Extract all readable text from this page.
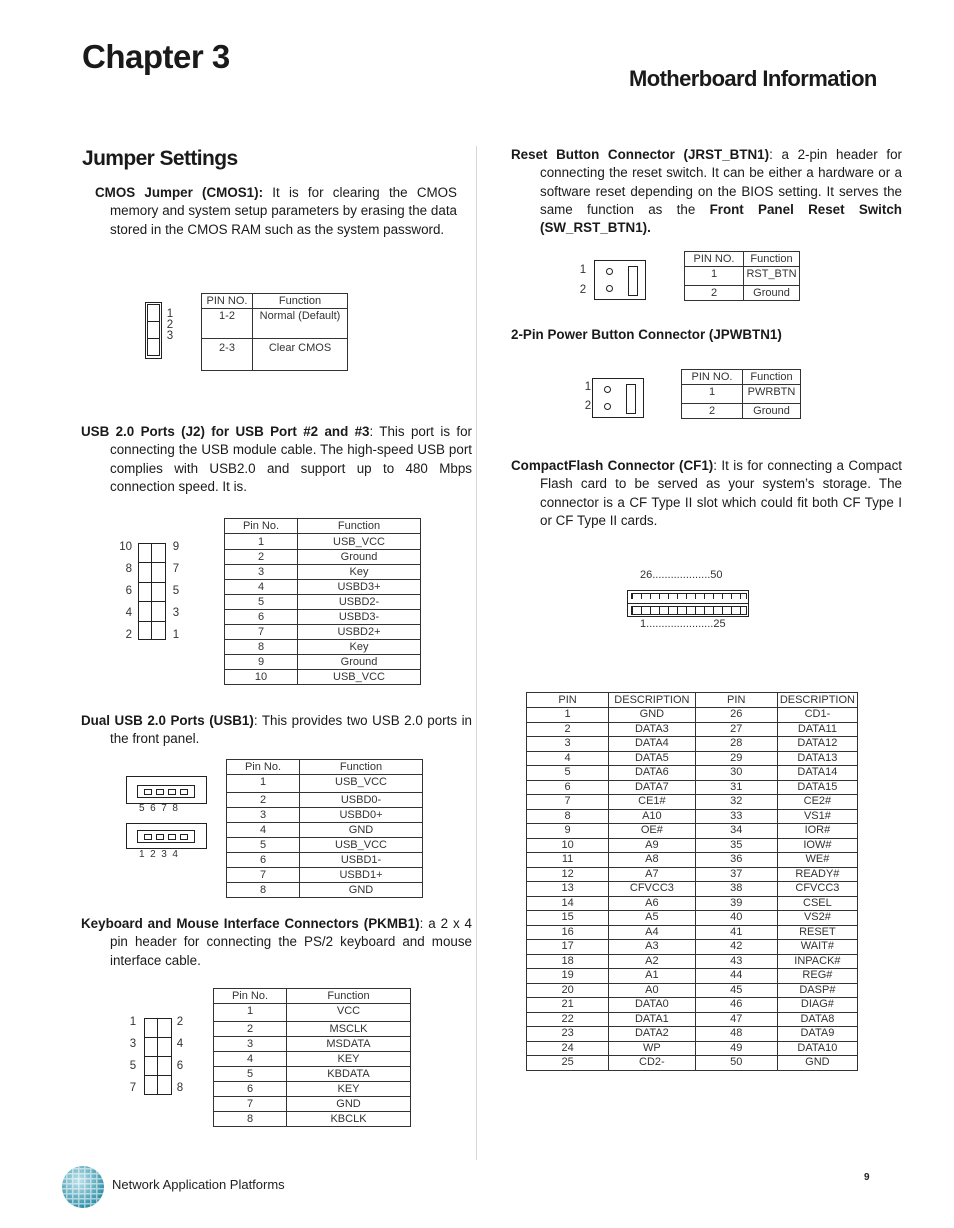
Chapter 3
Motherboard Information
Jumper Settings

CMOS Jumper (CMOS1): It is for clearing the CMOS memory and system setup parameters by erasing the data stored in the CMOS RAM such as the system password.

1
2
3
PIN NO.	Function
1-2	Normal (Default)
2-3	Clear CMOS

USB 2.0 Ports (J2) for USB Port #2 and #3: This port is for connecting the USB module cable. The high-speed USB port complies with USB2.0 and support up to 480 Mbps connection speed. It is.

10
8
6
4
2
9
7
5
3
1
Pin No.	Function
1	USB_VCC
2	Ground
3	Key
4	USBD3+
5	USBD2-
6	USBD3-
7	USBD2+
8	Key
9	Ground
10	USB_VCC

Dual USB 2.0 Ports (USB1): This provides two USB 2.0 ports in the front panel.

5  6  7  8
1  2  3  4
Pin No.	Function
1	USB_VCC
2	USBD0-
3	USBD0+
4	GND
5	USB_VCC
6	USBD1-
7	USBD1+
8	GND

Keyboard and Mouse Interface Connectors (PKMB1): a 2 x 4 pin header for connecting the PS/2 keyboard and mouse interface cable.

1
3
5
7
2
4
6
8
Pin No.	Function
1	VCC
2	MSCLK
3	MSDATA
4	KEY
5	KBDATA
6	KEY
7	GND
8	KBCLK

Reset Button Connector (JRST_BTN1): a 2-pin header for connecting the reset switch. It can be either a hardware or a software reset depending on the BIOS setting. It serves the same function as the Front Panel Reset Switch (SW_RST_BTN1).

1
2
PIN NO.	Function
1	RST_BTN
2	Ground

2-Pin Power Button Connector (JPWBTN1)

1
2
PIN NO.	Function
1	PWRBTN
2	Ground

CompactFlash Connector (CF1): It is for connecting a Compact Flash card to be served as your system’s storage. The connector is a CF Type II slot which could fit both CF Type I or CF Type II cards.

26...................50
1......................25
PIN	DESCRIPTION	PIN	DESCRIPTION
1	GND	26	CD1-
2	DATA3	27	DATA11
3	DATA4	28	DATA12
4	DATA5	29	DATA13
5	DATA6	30	DATA14
6	DATA7	31	DATA15
7	CE1#	32	CE2#
8	A10	33	VS1#
9	OE#	34	IOR#
10	A9	35	IOW#
11	A8	36	WE#
12	A7	37	READY#
13	CFVCC3	38	CFVCC3
14	A6	39	CSEL
15	A5	40	VS2#
16	A4	41	RESET
17	A3	42	WAIT#
18	A2	43	INPACK#
19	A1	44	REG#
20	A0	45	DASP#
21	DATA0	46	DIAG#
22	DATA1	47	DATA8
23	DATA2	48	DATA9
24	WP	49	DATA10
25	CD2-	50	GND
Network Application Platforms	9
